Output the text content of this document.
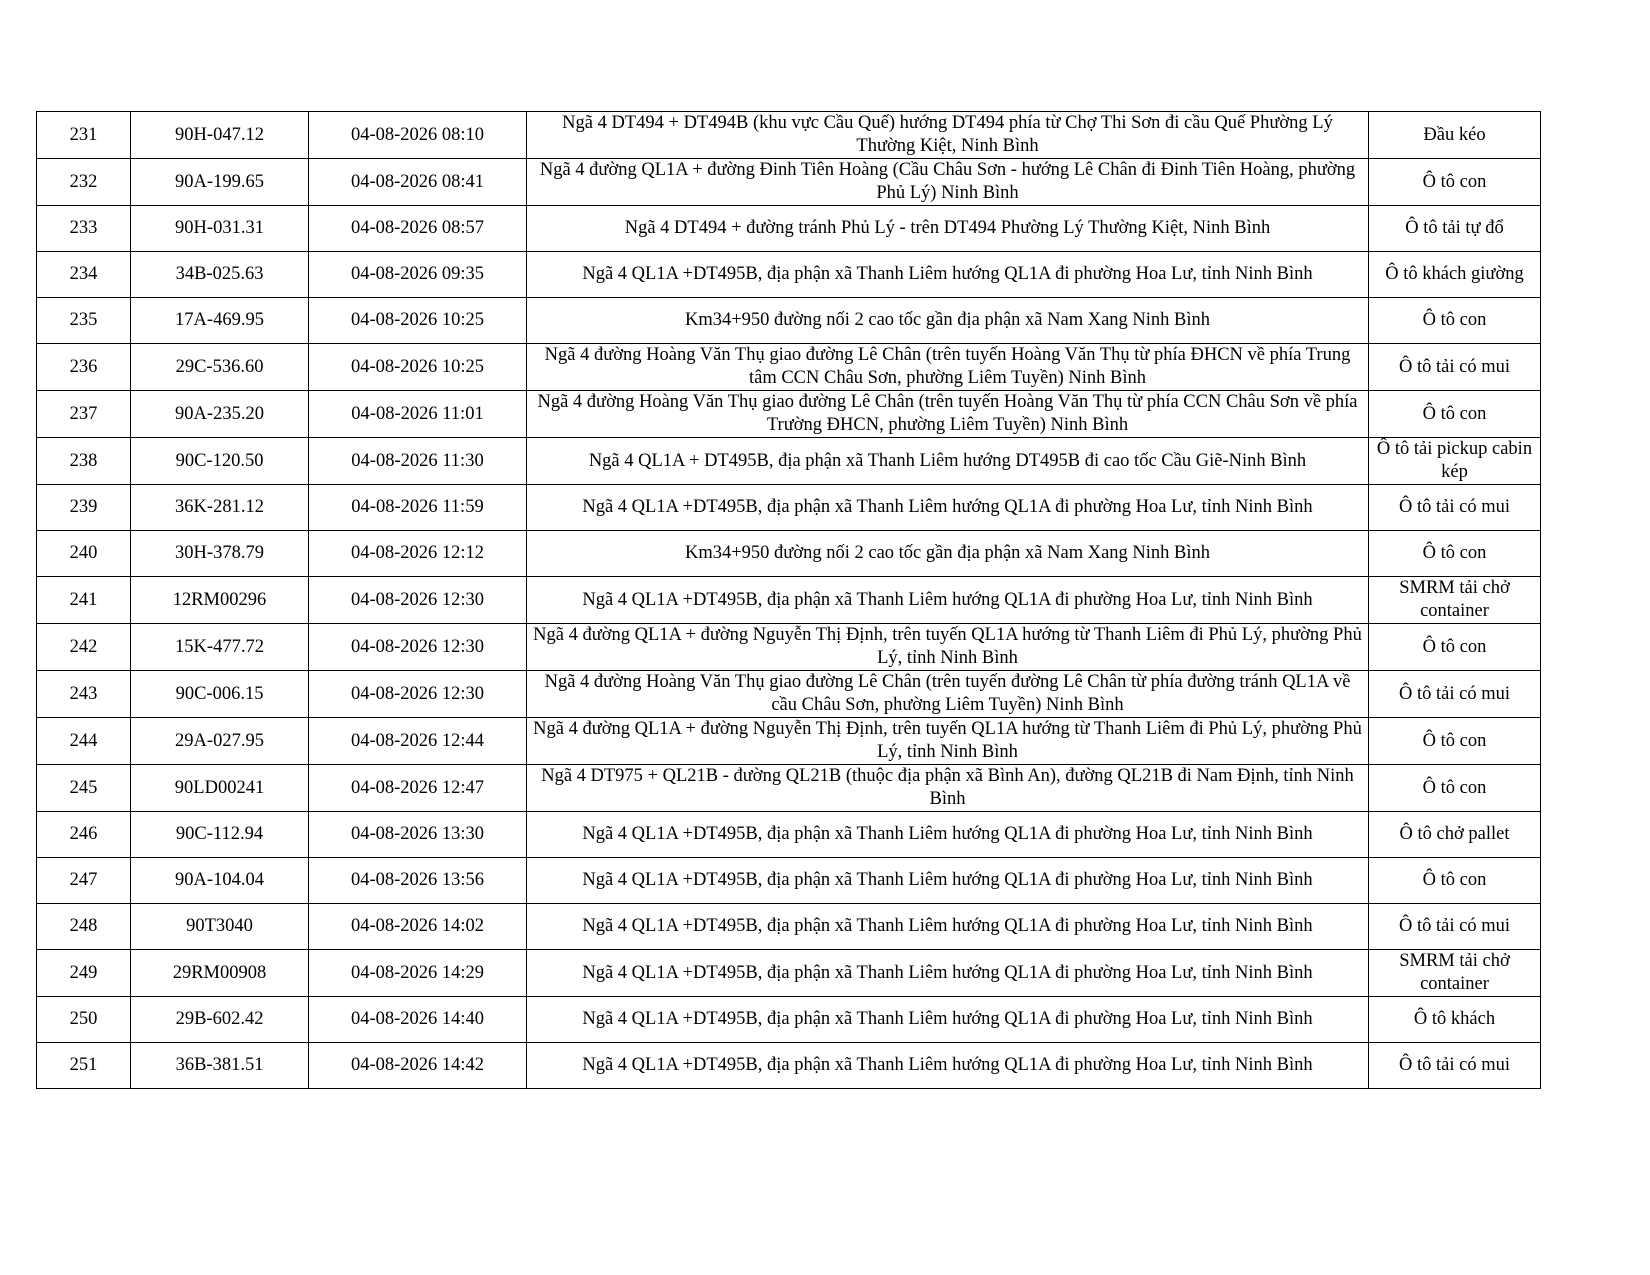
231	90H-047.12	04-08-2026 08:10	Ngã 4 DT494 + DT494B (khu vực Cầu Quế) hướng DT494 phía từ Chợ Thi Sơn đi cầu Quế Phường Lý Thường Kiệt, Ninh Bình	Đầu kéo
232	90A-199.65	04-08-2026 08:41	Ngã 4 đường QL1A + đường Đinh Tiên Hoàng (Cầu Châu Sơn - hướng Lê Chân đi Đinh Tiên Hoàng, phường Phủ Lý) Ninh Bình	Ô tô con
233	90H-031.31	04-08-2026 08:57	Ngã 4 DT494 + đường tránh Phủ Lý - trên DT494 Phường Lý Thường Kiệt, Ninh Bình	Ô tô tải tự đổ
234	34B-025.63	04-08-2026 09:35	Ngã 4 QL1A +DT495B, địa phận xã Thanh Liêm hướng QL1A đi phường Hoa Lư, tỉnh Ninh Bình	Ô tô khách giường
235	17A-469.95	04-08-2026 10:25	Km34+950 đường nối 2 cao tốc gần địa phận xã Nam Xang Ninh Bình	Ô tô con
236	29C-536.60	04-08-2026 10:25	Ngã 4 đường Hoàng Văn Thụ giao đường Lê Chân (trên tuyến Hoàng Văn Thụ từ phía ĐHCN về phía Trung tâm CCN Châu Sơn, phường Liêm Tuyền) Ninh Bình	Ô tô tải có mui
237	90A-235.20	04-08-2026 11:01	Ngã 4 đường Hoàng Văn Thụ giao đường Lê Chân (trên tuyến Hoàng Văn Thụ từ phía CCN Châu Sơn về phía Trường ĐHCN, phường Liêm Tuyền) Ninh Bình	Ô tô con
238	90C-120.50	04-08-2026 11:30	Ngã 4 QL1A + DT495B, địa phận xã Thanh Liêm hướng DT495B đi cao tốc Cầu Giẽ-Ninh Bình	Ô tô tải pickup cabin kép
239	36K-281.12	04-08-2026 11:59	Ngã 4 QL1A +DT495B, địa phận xã Thanh Liêm hướng QL1A đi phường Hoa Lư, tỉnh Ninh Bình	Ô tô tải có mui
240	30H-378.79	04-08-2026 12:12	Km34+950 đường nối 2 cao tốc gần địa phận xã Nam Xang Ninh Bình	Ô tô con
241	12RM00296	04-08-2026 12:30	Ngã 4 QL1A +DT495B, địa phận xã Thanh Liêm hướng QL1A đi phường Hoa Lư, tỉnh Ninh Bình	SMRM tải chở container
242	15K-477.72	04-08-2026 12:30	Ngã 4 đường QL1A + đường Nguyễn Thị Định, trên tuyến QL1A hướng từ Thanh Liêm đi Phủ Lý, phường Phủ Lý, tỉnh Ninh Bình	Ô tô con
243	90C-006.15	04-08-2026 12:30	Ngã 4 đường Hoàng Văn Thụ giao đường Lê Chân (trên tuyến đường Lê Chân từ phía đường tránh QL1A về cầu Châu Sơn, phường Liêm Tuyền) Ninh Bình	Ô tô tải có mui
244	29A-027.95	04-08-2026 12:44	Ngã 4 đường QL1A + đường Nguyễn Thị Định, trên tuyến QL1A hướng từ Thanh Liêm đi Phủ Lý, phường Phủ Lý, tỉnh Ninh Bình	Ô tô con
245	90LD00241	04-08-2026 12:47	Ngã 4 DT975 + QL21B - đường QL21B (thuộc địa phận xã Bình An), đường QL21B đi Nam Định, tỉnh Ninh Bình	Ô tô con
246	90C-112.94	04-08-2026 13:30	Ngã 4 QL1A +DT495B, địa phận xã Thanh Liêm hướng QL1A đi phường Hoa Lư, tỉnh Ninh Bình	Ô tô chở pallet
247	90A-104.04	04-08-2026 13:56	Ngã 4 QL1A +DT495B, địa phận xã Thanh Liêm hướng QL1A đi phường Hoa Lư, tỉnh Ninh Bình	Ô tô con
248	90T3040	04-08-2026 14:02	Ngã 4 QL1A +DT495B, địa phận xã Thanh Liêm hướng QL1A đi phường Hoa Lư, tỉnh Ninh Bình	Ô tô tải có mui
249	29RM00908	04-08-2026 14:29	Ngã 4 QL1A +DT495B, địa phận xã Thanh Liêm hướng QL1A đi phường Hoa Lư, tỉnh Ninh Bình	SMRM tải chở container
250	29B-602.42	04-08-2026 14:40	Ngã 4 QL1A +DT495B, địa phận xã Thanh Liêm hướng QL1A đi phường Hoa Lư, tỉnh Ninh Bình	Ô tô khách
251	36B-381.51	04-08-2026 14:42	Ngã 4 QL1A +DT495B, địa phận xã Thanh Liêm hướng QL1A đi phường Hoa Lư, tỉnh Ninh Bình	Ô tô tải có mui
